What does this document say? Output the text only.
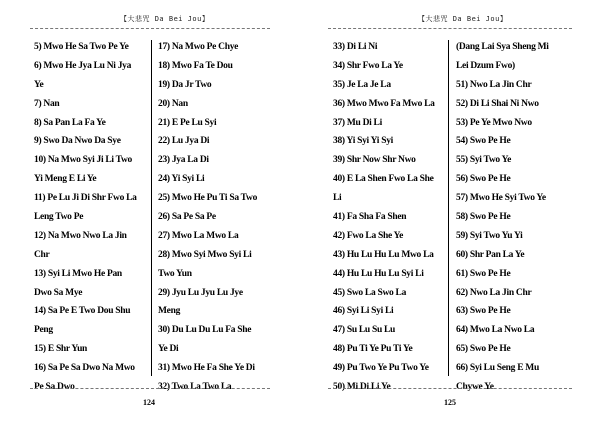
【大悲咒 Da Bei Jou】
5) Mwo He Sa Two Pe Ye
6) Mwo He Jya Lu Ni Jya
Ye
7) Nan
8) Sa Pan La Fa Ye
9) Swo Da Nwo Da Sye
10) Na Mwo Syi Ji Li Two
Yi Meng E Li Ye
11) Pe Lu Ji Di Shr Fwo La
Leng Two Pe
12) Na Mwo Nwo La Jin
Chr
13) Syi Li Mwo He Pan
Dwo Sa Mye
14) Sa Pe E Two Dou Shu
Peng
15) E Shr Yun
16) Sa Pe Sa Dwo Na Mwo
Pe Sa Dwo
17) Na Mwo Pe Chye
18) Mwo Fa Te Dou
19) Da Jr Two
20) Nan
21) E Pe Lu Syi
22) Lu Jya Di
23) Jya La Di
24) Yi Syi Li
25) Mwo He Pu Ti Sa Two
26) Sa Pe Sa Pe
27) Mwo La Mwo La
28) Mwo Syi Mwo Syi Li
Two Yun
29) Jyu Lu Jyu Lu Jye
Meng
30) Du Lu Du Lu Fa She
Ye Di
31) Mwo He Fa She Ye Di
32) Two La Two La
124
【大悲咒 Da Bei Jou】
33) Di Li Ni
34) Shr Fwo La Ye
35) Je La Je La
36) Mwo Mwo Fa Mwo La
37) Mu Di Li
38) Yi Syi Yi Syi
39) Shr Now Shr Nwo
40) E La Shen Fwo La She
Li
41) Fa Sha Fa Shen
42) Fwo La She Ye
43) Hu Lu Hu Lu Mwo La
44) Hu Lu Hu Lu Syi Li
45) Swo La Swo La
46) Syi Li Syi Li
47) Su Lu Su Lu
48) Pu Ti Ye Pu Ti Ye
49) Pu Two Ye Pu Two Ye
50) Mi Di Li Ye
(Dang Lai Sya Sheng Mi
Lei Dzum Fwo)
51) Nwo La Jin Chr
52) Di Li Shai Ni Nwo
53) Pe Ye Mwo Nwo
54) Swo Pe He
55) Syi Two Ye
56) Swo Pe He
57) Mwo He Syi Two Ye
58) Swo Pe He
59) Syi Two Yu Yi
60) Shr Pan La Ye
61) Swo Pe He
62) Nwo La Jin Chr
63) Swo Pe He
64) Mwo La Nwo La
65) Swo Pe He
66) Syi Lu Seng E Mu
Chywe Ye
125
